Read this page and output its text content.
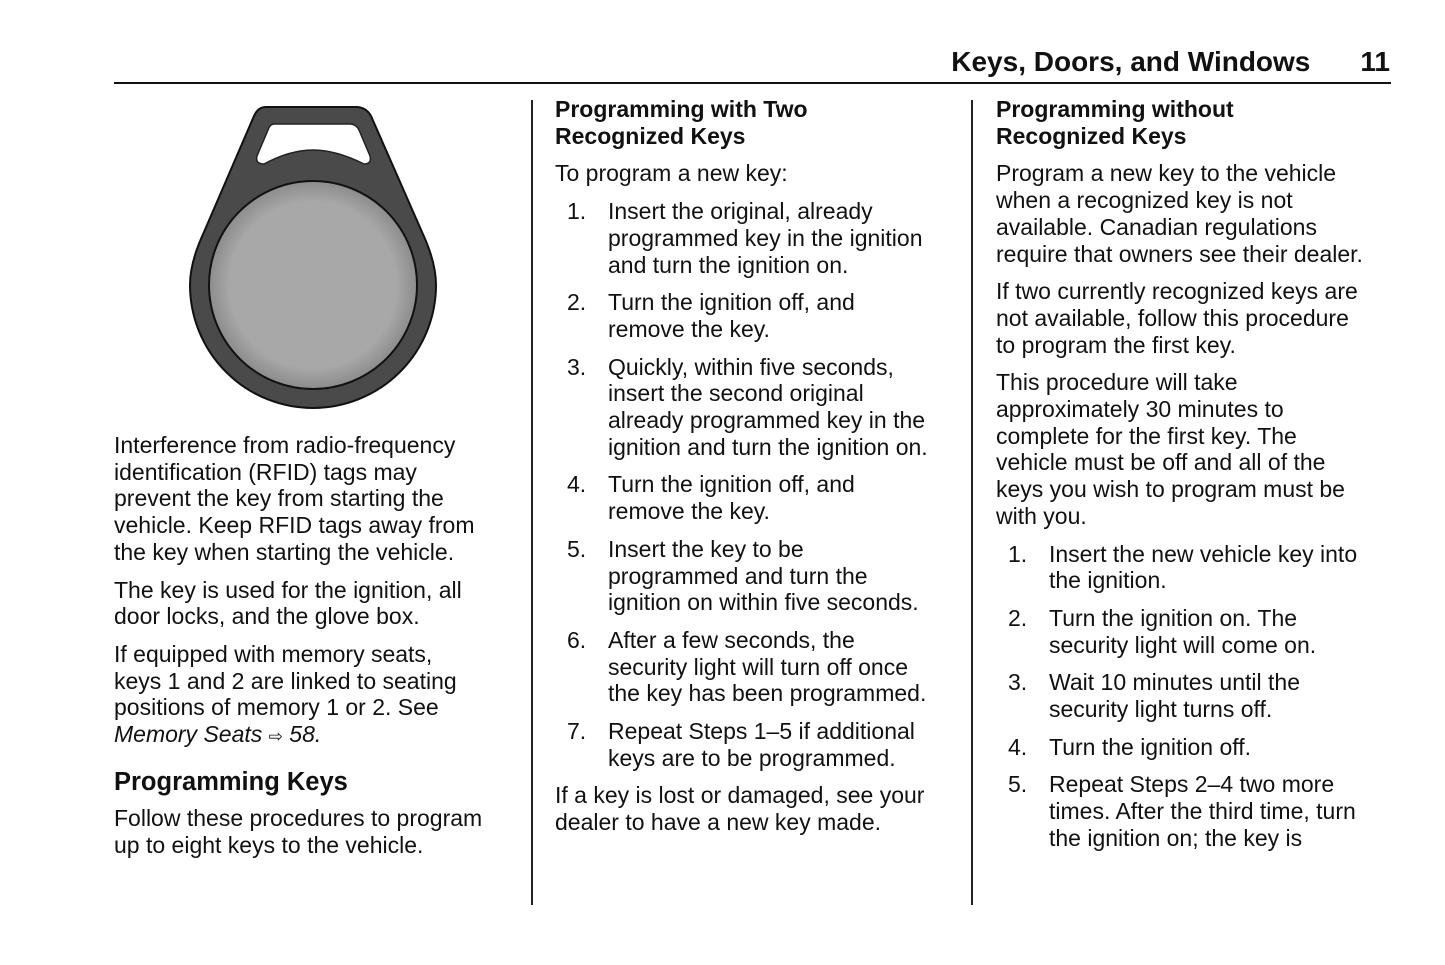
Keys, Doors, and Windows 11

Interference from radio-frequency
identification (RFID) tags may
prevent the key from starting the
vehicle. Keep RFID tags away from
the key when starting the vehicle.

The key is used for the ignition, all
door locks, and the glove box.

If equipped with memory seats,
keys 1 and 2 are linked to seating
positions of memory 1 or 2. See
Memory Seats ⇨ 58.

Programming Keys

Follow these procedures to program
up to eight keys to the vehicle.

Programming with Two
Recognized Keys

To program a new key:

1. Insert the original, already
programmed key in the ignition
and turn the ignition on.
2. Turn the ignition off, and
remove the key.
3. Quickly, within five seconds,
insert the second original
already programmed key in the
ignition and turn the ignition on.
4. Turn the ignition off, and
remove the key.
5. Insert the key to be
programmed and turn the
ignition on within five seconds.
6. After a few seconds, the
security light will turn off once
the key has been programmed.
7. Repeat Steps 1–5 if additional
keys are to be programmed.

If a key is lost or damaged, see your
dealer to have a new key made.

Programming without
Recognized Keys

Program a new key to the vehicle
when a recognized key is not
available. Canadian regulations
require that owners see their dealer.

If two currently recognized keys are
not available, follow this procedure
to program the first key.

This procedure will take
approximately 30 minutes to
complete for the first key. The
vehicle must be off and all of the
keys you wish to program must be
with you.

1. Insert the new vehicle key into
the ignition.
2. Turn the ignition on. The
security light will come on.
3. Wait 10 minutes until the
security light turns off.
4. Turn the ignition off.
5. Repeat Steps 2–4 two more
times. After the third time, turn
the ignition on; the key is
